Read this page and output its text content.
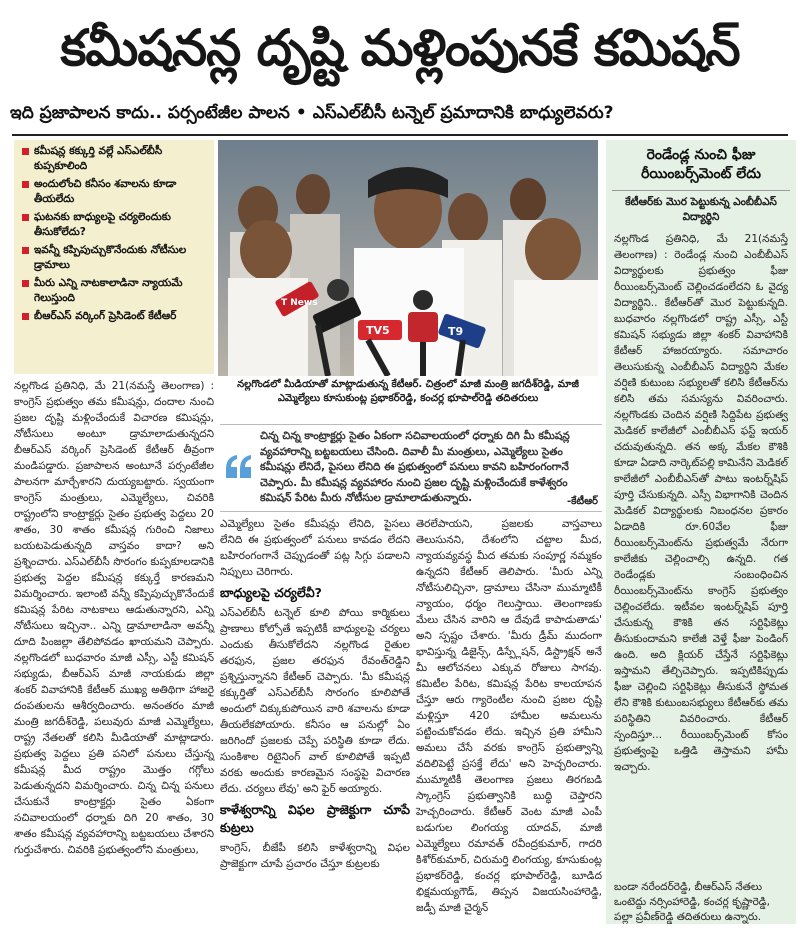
కమీషనన్ల దృష్టి మళ్లింపునకే కమిషన్
ఇది ప్రజాపాలన కాదు.. పర్సంటేజీల పాలన • ఎస్‌ఎల్‌బీసీ టన్నెల్ ప్రమాదానికి బాధ్యులెవరు?
కమీషన్ల కక్కుర్తి వల్లే ఎస్‌ఎల్‌బీసీ కుప్పకూలింది
అందులోంచి కనీసం శవాలను కూడా తీయలేదు
ఘటనకు బాధ్యులపై చర్యలెందుకు తీసుకోలేదు?
ఇవన్నీ కప్పిపుచ్చుకొనేందుకు నోటీసుల డ్రామాలు
మీరు ఎన్ని నాటకాలాడినా న్యాయమే గెలుస్తుంది
బీఆర్‌ఎస్ వర్కింగ్ ప్రెసిడెంట్ కేటీఆర్
T News
TV5	T9
నల్లగొండలో మీడియాతో మాట్లాడుతున్న కేటీఆర్. చిత్రంలో మాజీ మంత్రి జగదీశ్‌రెడ్డి, మాజీ ఎమ్మెల్యేలు కూసుకుంట్ల ప్రభాకర్‌రెడ్డి, కంచర్ల భూపాల్‌రెడ్డి తదితరులు
చిన్న చిన్న కాంట్రాక్టర్లు సైతం ఏకంగా సచివాలయంలో ధర్నాకు దిగి మీ కమీషన్ల వ్యవహారాన్ని బట్టబయలు చేసింది. దివాలీ మీ మంత్రులు, ఎమ్మెల్యేలు సైతం కమీషన్లు లేనిదే, పైసలు లేనిది ఈ ప్రభుత్వంలో పనులు కావని బహిరంగంగానే చెప్పారు. మీ కమీషన్ల వ్యవహారం నుంచి ప్రజల దృష్టి మళ్లించేందుకే కాళేశ్వరం కమిషన్ పేరిట మీరు నోటీసుల డ్రామాలాడుతున్నారు.	-కేటీఆర్
నల్లగొండ ప్రతినిధి, మే 21(నమస్తే తెలంగాణ) : కాంగ్రెస్ ప్రభుత్వం తమ కమీషన్లు, దందాల నుంచి ప్రజల దృష్టి మళ్లించేందుకే విచారణ కమిషన్లు, నోటీసులు అంటూ డ్రామాలాడుతున్నదని బీఆర్‌ఎస్ వర్కింగ్ ప్రెసిడెంట్ కేటీఆర్ తీవ్రంగా మండిపడ్డారు. ప్రజాపాలన అంటూనే పర్సంటేజీల పాలనగా మార్చేశారని దుయ్యబట్టారు. స్వయంగా కాంగ్రెస్ మంత్రులు, ఎమ్మెల్యేలు, చివరికి రాష్ట్రంలోని కాంట్రాక్టర్లు సైతం ప్రభుత్వ పెద్దలు 20 శాతం, 30 శాతం కమీషన్ల గురించి నిజాలు బయటపెడుతున్నది వాస్తవం కాదా? అని ప్రశ్నించారు. ఎస్‌ఎల్‌బీసీ సొరంగం కుప్పకూలడానికి ప్రభుత్వ పెద్దల కమీషన్ల కక్కుర్తే కారణమని విమర్శించారు. ఇలాంటి వన్నీ కప్పిపుచ్చుకొనేందుకే కమిషన్ల పేరిట నాటకాలు ఆడుతున్నారని, ఎన్ని నోటీసులు ఇచ్చినా.. ఎన్ని డ్రామాలాడినా అవన్నీ దూది పింజల్లా తేలిపోవడం ఖాయమని చెప్పారు. నల్లగొండలో బుధవారం మాజీ ఎస్సీ, ఎస్టీ కమిషన్ సభ్యుడు, బీఆర్‌ఎస్ మాజీ నాయకుడు జిల్లా శంకర్ వివాహానికి కేటీఆర్ ముఖ్య అతిథిగా హాజరై దంపతులను ఆశీర్వదించారు. అనంతరం మాజీ మంత్రి జగదీశ్‌రెడ్డి, పలువురు మాజీ ఎమ్మెల్యేలు, రాష్ట్ర నేతలతో కలిసి మీడియాతో మాట్లాడారు. ప్రభుత్వ పెద్దలు ప్రతి పనిలో పనులు చేస్తున్న కమీషన్ల మీద రాష్ట్రం మొత్తం గగ్గోలు పెడుతున్నదని విమర్శించారు. చిన్న చిన్న పనులు చేసుకునే కాంట్రాక్టర్లు సైతం ఏకంగా సచివాలయంలో ధర్నాకు దిగి 20 శాతం, 30 శాతం కమీషన్ల వ్యవహారాన్ని బట్టబయలు చేశారని గుర్తుచేశారు. చివరికి ప్రభుత్వంలోని మంత్రులు,

ఎమ్మెల్యేలు సైతం కమీషన్లు లేనిది, పైసలు లేనిది ఈ ప్రభుత్వంలో పనులు కావడం లేదని బహిరంగంగానే చెప్పుడంతో పట్ల సిగ్గు పడాలని నిప్పులు చెరిగారు.

బాధ్యులపై చర్యలేవీ?

ఎస్‌ఎల్‌బీసీ టన్నెల్ కూలి పోయి కార్మికులు ప్రాణాలు కోల్పోతే ఇప్పటికీ బాధ్యులపై చర్యలు ఎందుకు తీసుకోలేదని నల్లగొండ రైతుల తరఫున, ప్రజల తరఫున రేవంత్‌రెడ్డిని ప్రశ్నిస్తున్నానని కేటీఆర్ చెప్పారు. 'మీ కమీషన్ల కక్కుర్తితో ఎస్‌ఎల్‌బీసీ సొరంగం కూలిపోతే అందులో చిక్కుకుపోయిన వారి శవాలను కూడా తీయలేకపోయారు. కనీసం ఆ పనుల్లో ఏం జరిగిందో ప్రజలకు చెప్పే పరిస్థితి కూడా లేదు. సుంకిశాల రిటైనింగ్ వాల్ కూలిపోతే ఇప్పటి వరకు అందుకు కారణమైన సంస్థపై విచారణ లేదు. చర్యలు లేవు' అని ఫైర్ అయ్యారు.

కాళేశ్వరాన్ని విఫల ప్రాజెక్టుగా చూపే కుట్రలు

కాంగ్రెస్, బీజేపీ కలిసి కాళేశ్వరాన్ని విఫల ప్రాజెక్టుగా చూపే ప్రచారం చేస్తూ కుట్రలకు

తెరలేపాయని, ప్రజలకు వాస్తవాలు తెలుసునని, దేశంలోని చట్టాల మీద, న్యాయవ్యవస్థ మీద తమకు సంపూర్ణ నమ్మకం ఉన్నదని కేటీఆర్ తెలిపారు. 'మీరు ఎన్ని నోటీసులిచ్చినా, డ్రామాలు చేసినా ముమ్మాటికీ న్యాయం, ధర్మం గెలుస్తాయి. తెలంగాణకు మేలు చేసిన వారిని ఆ దేవుడే కాపాడుతాడు' అని స్పష్టం చేశారు. 'మీరు డ్రీమ్ ముదంగా భావిస్తున్న డిజైన్స్, డిస్ప్లేషన్, డిస్ట్రాక్షన్ అనే మీ ఆలోచనలు ఎక్కువ రోజులు సాగవు. కమిటీల పేరిట, కమిషన్ల పేరిట కాలయాపన చేస్తూ ఆరు గ్యారెంటీల నుంచి ప్రజల దృష్టి మళ్లిస్తూ 420 హామీల అమలును పట్టించుకోవడం లేదు. ఇచ్చిన ప్రతి హామీని అమలు చేసే వరకు కాంగ్రెస్ ప్రభుత్వాన్ని వదిలిపెట్టే ప్రసక్తే లేదు' అని హెచ్చరించారు. ముమ్మాటికీ తెలంగాణ ప్రజలు తిరగబడి స్కాంగ్రెస్ ప్రభుత్వానికి బుద్ధి చెప్తారని హెచ్చరించారు. కేటీఆర్ వెంట మాజీ ఎంపీ బడుగుల లింగయ్య యాదవ్, మాజీ ఎమ్మెల్యేలు రమావత్ రవీంద్రకుమార్, గాదరి కిశోర్‌కుమార్, చిరుమర్తి లింగయ్య, కూసుకుంట్ల ప్రభాకర్‌రెడ్డి, కంచర్ల భూపాల్‌రెడ్డి, బూడిద భిక్షమయ్యగౌడ్, తిప్పన విజయసింహారెడ్డి, జడ్పీ మాజీ చైర్మన్
రెండేండ్ల నుంచి ఫీజు రీయింబర్స్‌మెంట్ లేదు
కేటీఆర్‌కు మొర పెట్టుకున్న ఎంబీబీఎస్ విద్యార్థిని
నల్లగొండ ప్రతినిధి, మే 21(నమస్తే తెలంగాణ) : రెండేండ్ల నుంచి ఎంబీబీఎస్ విద్యార్థులకు ప్రభుత్వం ఫీజు రీయింబర్స్‌మెంట్ చెల్లించడంలేదని ఓ వైద్య విద్యార్థిని.. కేటీఆర్‌తో మొర పెట్టుకున్నది. బుధవారం నల్లగొండలో రాష్ట్ర ఎస్సీ, ఎస్టీ కమిషన్ సభ్యుడు జిల్లా శంకర్ వివాహానికి కేటీఆర్ హాజరయ్యారు. సమాచారం తెలుసుకున్న ఎంబీబీఎస్ విద్యార్థిని మేకల వర్షిణి కుటుంబ సభ్యులతో కలిసి కేటీఆర్‌ను కలిసి తమ సమస్యను వివరించారు. నల్లగొండకు చెందిన వర్షిణి సిద్దిపేట ప్రభుత్వ మెడికల్ కాలేజీలో ఎంబీబీఎస్ ఫస్ట్ ఇయర్ చదువుతున్నది. తన అక్క మేకల కౌశికి కూడా ఏడాది నార్కెట్‌పల్లి కామినేని మెడికల్ కాలేజీలో ఎంబీబీఎస్‌తో పాటు ఇంటర్న్‌షిప్ పూర్తి చేసుకున్నది. ఎస్సీ విభాగానికి చెందిన మెడికల్ విద్యార్థులకు నిబంధనల ప్రకారం ఏడాదికి రూ.60వేల ఫీజు రీయింబర్స్‌మెంట్‌ను ప్రభుత్వమే నేరుగా కాలేజీకు చెల్లించాల్సి ఉన్నది. గత రెండేండ్లకు సంబంధించిన రీయింబర్స్‌మెంట్‌ను కాంగ్రెస్ ప్రభుత్వం చెల్లించలేదు. ఇటీవల ఇంటర్న్‌షిప్ పూర్తి చేసుకున్న కౌశికి తన సర్టిఫికెట్లు తీసుకుందామని కాలేజీ వెళ్తే ఫీజు పెండింగ్ ఉంది. అది క్లియర్ చేస్తేనే సర్టిఫికెట్లు ఇస్తామని తేల్చిచెప్పారు. ఇప్పటికిప్పుడు ఫీజు చెల్లించి సర్టిఫికెట్లు తీసుకునే స్థోమత లేని కౌశికి కుటుంబసభ్యులు కేటీఆర్‌కు తమ పరిస్థితిని వివరించారు. కేటీఆర్ స్పందిస్తూ... రీయింబర్స్‌మెంట్ కోసం ప్రభుత్వంపై ఒత్తిడి తెస్తామని హామీ ఇచ్చారు.
బండా నరేందర్‌రెడ్డి, బీఆర్‌ఎస్ నేతలు ఒంటెద్దు నర్సింహారెడ్డి, కంచర్ల కృష్ణారెడ్డి, పల్లా ప్రవీణ్‌రెడ్డి తదితరులు ఉన్నారు.
